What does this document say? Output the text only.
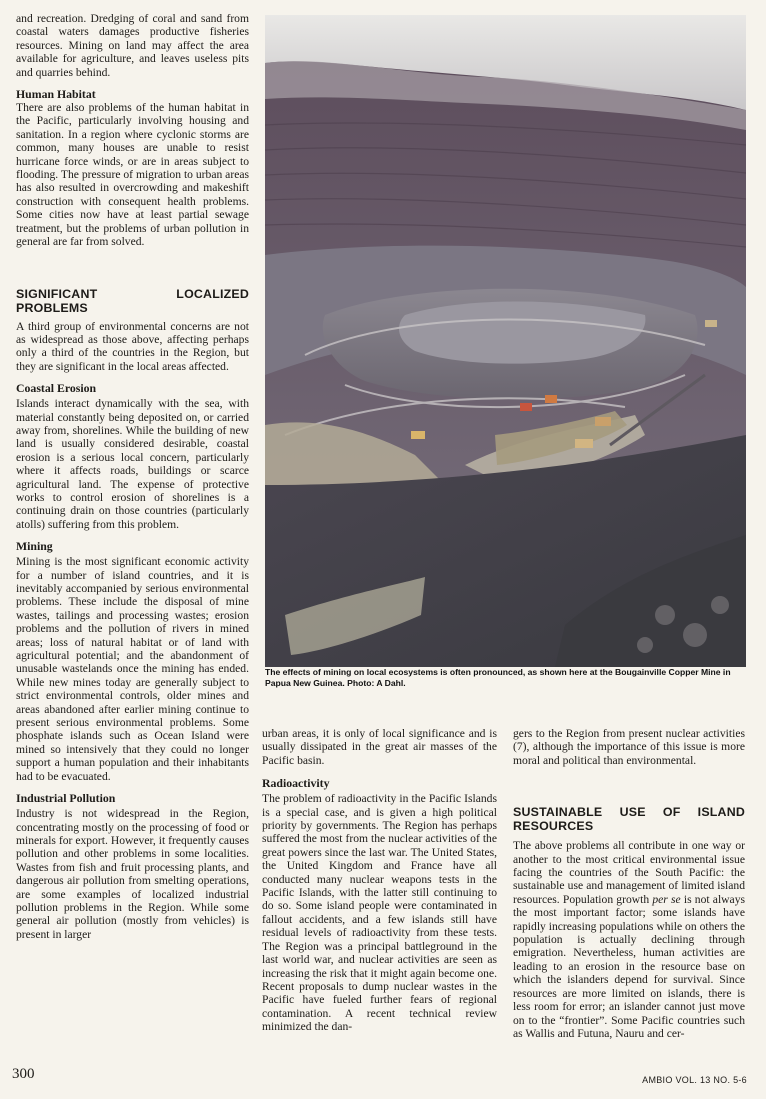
and recreation. Dredging of coral and sand from coastal waters damages productive fisheries resources. Mining on land may affect the area available for agriculture, and leaves useless pits and quarries behind.

Human Habitat

There are also problems of the human habitat in the Pacific, particularly involving housing and sanitation. In a region where cyclonic storms are common, many houses are unable to resist hurricane force winds, or are in areas subject to flooding. The pressure of migration to urban areas has also resulted in overcrowding and makeshift construction with consequent health problems. Some cities now have at least partial sewage treatment, but the problems of urban pollution in general are far from solved.

SIGNIFICANT LOCALIZED PROBLEMS

A third group of environmental concerns are not as widespread as those above, affecting perhaps only a third of the countries in the Region, but they are significant in the local areas affected.

Coastal Erosion

Islands interact dynamically with the sea, with material constantly being deposited on, or carried away from, shorelines. While the building of new land is usually considered desirable, coastal erosion is a serious local concern, particularly where it affects roads, buildings or scarce agricultural land. The expense of protective works to control erosion of shorelines is a continuing drain on those countries (particularly atolls) suffering from this problem.

Mining

Mining is the most significant economic activity for a number of island countries, and it is inevitably accompanied by serious environmental problems. These include the disposal of mine wastes, tailings and processing wastes; erosion problems and the pollution of rivers in mined areas; loss of natural habitat or of land with agricultural potential; and the abandonment of unusable wastelands once the mining has ended. While new mines today are generally subject to strict environmental controls, older mines and areas abandoned after earlier mining continue to present serious environmental problems. Some phosphate islands such as Ocean Island were mined so intensively that they could no longer support a human population and their inhabitants had to be evacuated.

Industrial Pollution

Industry is not widespread in the Region, concentrating mostly on the processing of food or minerals for export. However, it frequently causes pollution and other problems in some localities. Wastes from fish and fruit processing plants, and dangerous air pollution from smelting operations, are some examples of localized industrial pollution problems in the Region. While some general air pollution (mostly from vehicles) is present in larger

The effects of mining on local ecosystems is often pronounced, as shown here at the Bougainville Copper Mine in Papua New Guinea. Photo: A Dahl.

urban areas, it is only of local significance and is usually dissipated in the great air masses of the Pacific basin.

Radioactivity

The problem of radioactivity in the Pacific Islands is a special case, and is given a high political priority by governments. The Region has perhaps suffered the most from the nuclear activities of the great powers since the last war. The United States, the United Kingdom and France have all conducted many nuclear weapons tests in the Pacific Islands, with the latter still continuing to do so. Some island people were contaminated in fallout accidents, and a few islands still have residual levels of radioactivity from these tests. The Region was a principal battleground in the last world war, and nuclear activities are seen as increasing the risk that it might again become one. Recent proposals to dump nuclear wastes in the Pacific have fueled further fears of regional contamination. A recent technical review minimized the dan-

gers to the Region from present nuclear activities (7), although the importance of this issue is more moral and political than environmental.

SUSTAINABLE USE OF ISLAND RESOURCES

The above problems all contribute in one way or another to the most critical environmental issue facing the countries of the South Pacific: the sustainable use and management of limited island resources. Population growth per se is not always the most important factor; some islands have rapidly increasing populations while on others the population is actually declining through emigration. Nevertheless, human activities are leading to an erosion in the resource base on which the islanders depend for survival. Since resources are more limited on islands, there is less room for error; an islander cannot just move on to the “frontier”. Some Pacific countries such as Wallis and Futuna, Nauru and cer-

300	AMBIO VOL. 13 NO. 5-6
